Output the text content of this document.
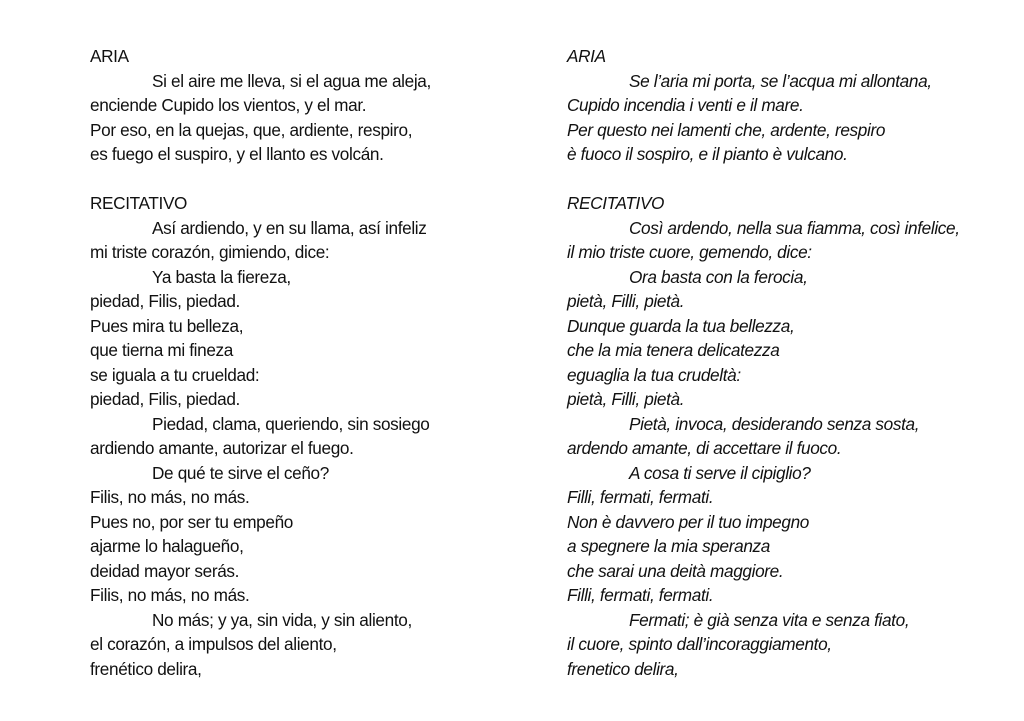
ARIA
Si el aire me lleva, si el agua me aleja,
enciende Cupido los vientos, y el mar.
Por eso, en la quejas, que, ardiente, respiro,
es fuego el suspiro, y el llanto es volcán.
RECITATIVO
Así ardiendo, y en su llama, así infeliz
mi triste corazón, gimiendo, dice:
Ya basta la fiereza,
piedad, Filis, piedad.
Pues mira tu belleza,
que tierna mi fineza
se iguala a tu crueldad:
piedad, Filis, piedad.
Piedad, clama, queriendo, sin sosiego
ardiendo amante, autorizar el fuego.
De qué te sirve el ceño?
Filis, no más, no más.
Pues no, por ser tu empeño
ajarme lo halagueño,
deidad mayor serás.
Filis, no más, no más.
No más; y ya, sin vida, y sin aliento,
el corazón, a impulsos del aliento,
frenético delira,
ARIA
Se l’aria mi porta, se l’acqua mi allontana,
Cupido incendia i venti e il mare.
Per questo nei lamenti che, ardente, respiro
è fuoco il sospiro, e il pianto è vulcano.
RECITATIVO
Così ardendo, nella sua fiamma, così infelice,
il mio triste cuore, gemendo, dice:
Ora basta con la ferocia,
pietà, Filli, pietà.
Dunque guarda la tua bellezza,
che la mia tenera delicatezza
eguaglia la tua crudeltà:
pietà, Filli, pietà.
Pietà, invoca, desiderando senza sosta,
ardendo amante, di accettare il fuoco.
A cosa ti serve il cipiglio?
Filli, fermati, fermati.
Non è davvero per il tuo impegno
a spegnere la mia speranza
che sarai una deità maggiore.
Filli, fermati, fermati.
Fermati; è già senza vita e senza fiato,
il cuore, spinto dall’incoraggiamento,
frenetico delira,
